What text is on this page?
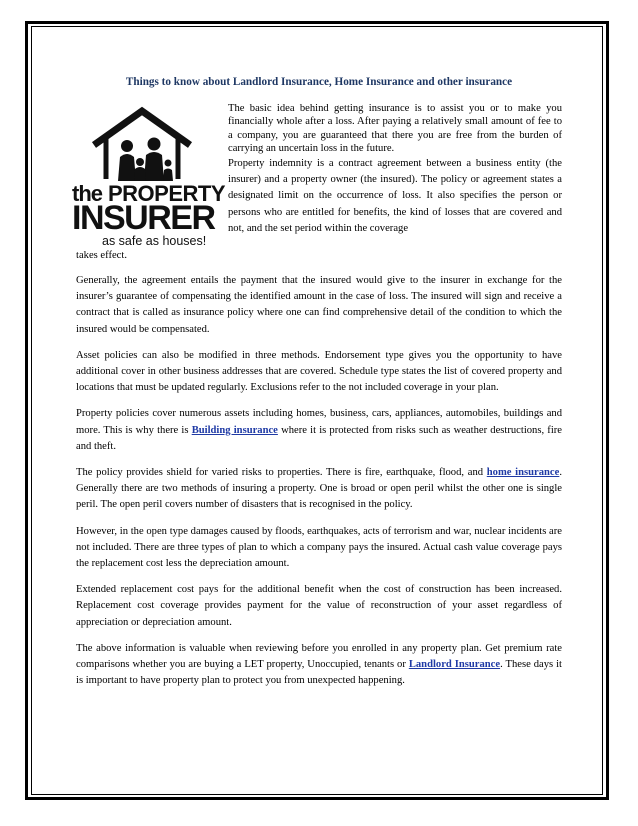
Things to know about Landlord Insurance, Home Insurance and other insurance
the PROPERTY
INSURER
as safe as houses!

The basic idea behind getting insurance is to assist you or to make you financially whole after a loss. After paying a relatively small amount of fee to a company, you are guaranteed that there you are free from the burden of carrying an uncertain loss in the future.

Property indemnity is a contract agreement between a business entity (the insurer) and a property owner (the insured). The policy or agreement states a designated limit on the occurrence of loss. It also specifies the person or persons who are entitled for benefits, the kind of losses that are covered and not, and the set period within the coverage

takes effect.

Generally, the agreement entails the payment that the insured would give to the insurer in exchange for the insurer’s guarantee of compensating the identified amount in the case of loss. The insured will sign and receive a contract that is called as insurance policy where one can find comprehensive detail of the condition to which the insured would be compensated.

Asset policies can also be modified in three methods. Endorsement type gives you the opportunity to have additional cover in other business addresses that are covered. Schedule type states the list of covered property and locations that must be updated regularly. Exclusions refer to the not included coverage in your plan.

Property policies cover numerous assets including homes, business, cars, appliances, automobiles, buildings and more. This is why there is Building insurance where it is protected from risks such as weather destructions, fire and theft.

The policy provides shield for varied risks to properties. There is fire, earthquake, flood, and home insurance. Generally there are two methods of insuring a property. One is broad or open peril whilst the other one is single peril. The open peril covers number of disasters that is recognised in the policy.

However, in the open type damages caused by floods, earthquakes, acts of terrorism and war, nuclear incidents are not included. There are three types of plan to which a company pays the insured. Actual cash value coverage pays the replacement cost less the depreciation amount.

Extended replacement cost pays for the additional benefit when the cost of construction has been increased. Replacement cost coverage provides payment for the value of reconstruction of your asset regardless of appreciation or depreciation amount.

The above information is valuable when reviewing before you enrolled in any property plan. Get premium rate comparisons whether you are buying a LET property, Unoccupied, tenants or Landlord Insurance. These days it is important to have property plan to protect you from unexpected happening.
